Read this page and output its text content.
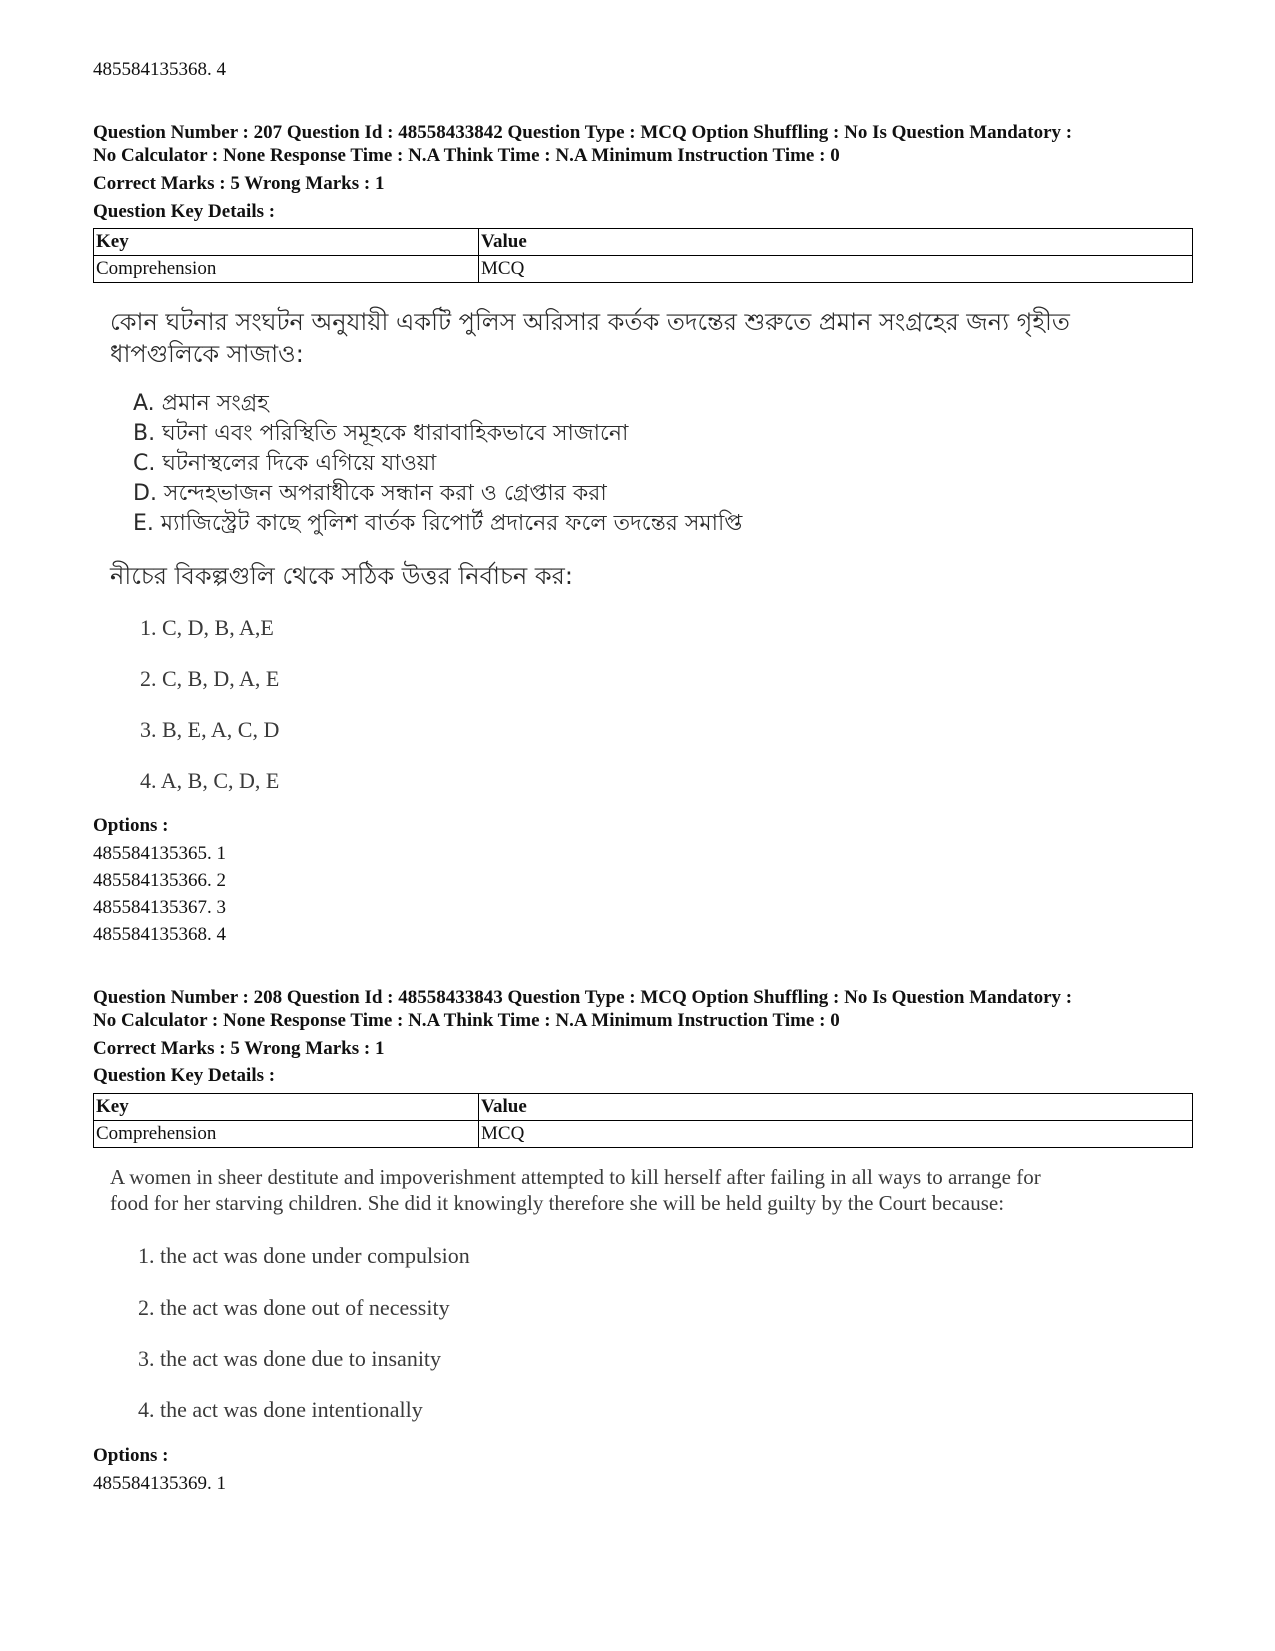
485584135368. 4
Question Number : 207 Question Id : 48558433842 Question Type : MCQ Option Shuffling : No Is Question Mandatory :
No Calculator : None Response Time : N.A Think Time : N.A Minimum Instruction Time : 0
Correct Marks : 5 Wrong Marks : 1
Question Key Details :
Key	Value
Comprehension	MCQ
কোন ঘটনার সংঘটন অনুযায়ী একটি পুলিস অরিসার কর্তক তদন্তের শুরুতে প্রমান সংগ্রহের জন্য গৃহীত
ধাপগুলিকে সাজাও:
A. প্রমান সংগ্রহ
B. ঘটনা এবং পরিস্থিতি সমূহকে ধারাবাহিকভাবে সাজানো
C. ঘটনাস্থলের দিকে এগিয়ে যাওয়া
D. সন্দেহভাজন অপরাধীকে সন্ধান করা ও গ্রেপ্তার করা
E. ম্যাজিস্ট্রেট কাছে পুলিশ বার্তক রিপোর্ট প্রদানের ফলে তদন্তের সমাপ্তি
নীচের বিকল্পগুলি থেকে সঠিক উত্তর নির্বাচন কর:
1. C, D, B, A,E
2. C, B, D, A, E
3. B, E, A, C, D
4. A, B, C, D, E
Options :
485584135365. 1
485584135366. 2
485584135367. 3
485584135368. 4
Question Number : 208 Question Id : 48558433843 Question Type : MCQ Option Shuffling : No Is Question Mandatory :
No Calculator : None Response Time : N.A Think Time : N.A Minimum Instruction Time : 0
Correct Marks : 5 Wrong Marks : 1
Question Key Details :
Key	Value
Comprehension	MCQ
A women in sheer destitute and impoverishment attempted to kill herself after failing in all ways to arrange for
food for her starving children. She did it knowingly therefore she will be held guilty by the Court because:
1. the act was done under compulsion
2. the act was done out of necessity
3. the act was done due to insanity
4. the act was done intentionally
Options :
485584135369. 1
